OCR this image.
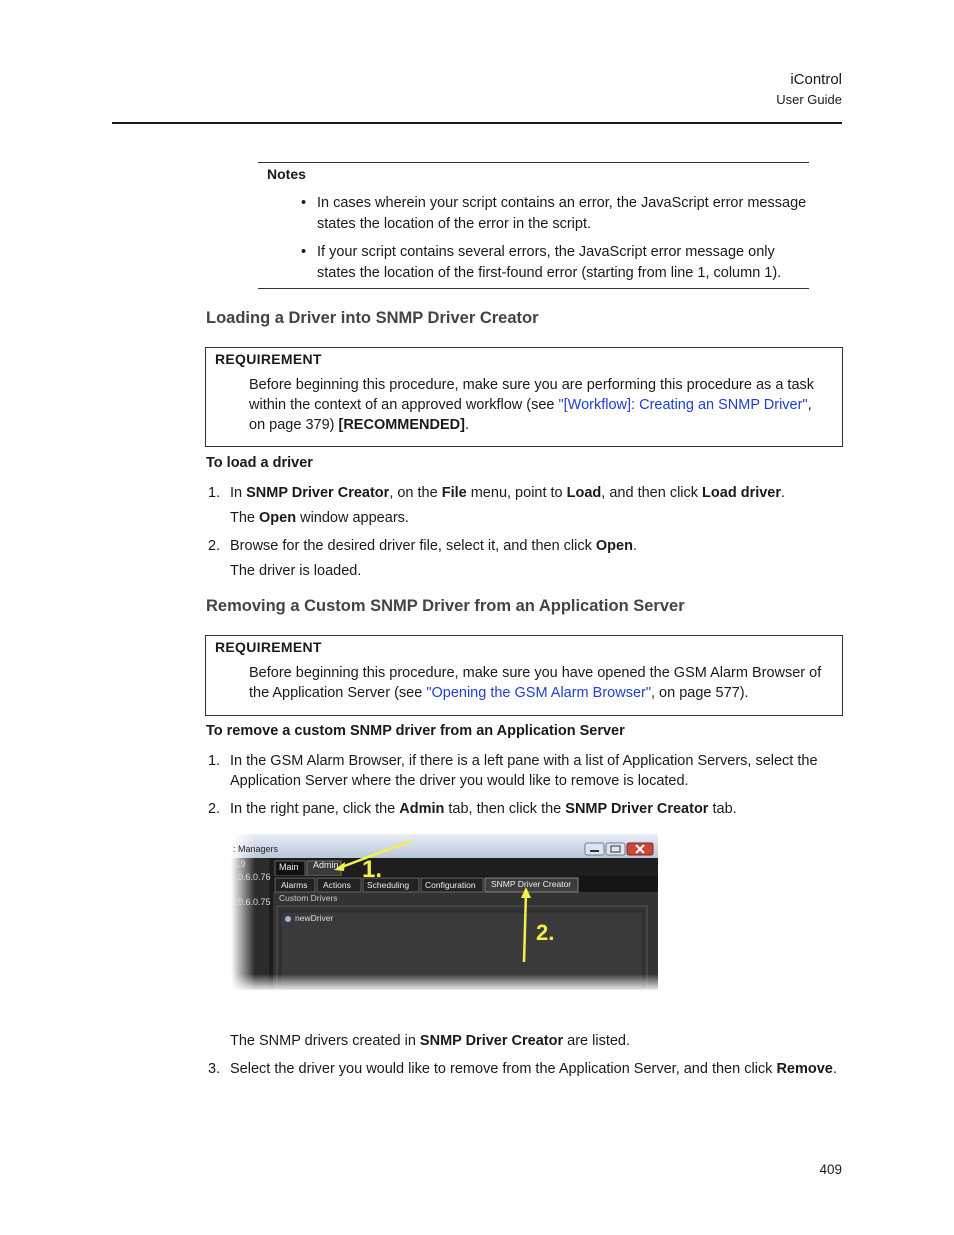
iControl
User Guide
Notes
• In cases wherein your script contains an error, the JavaScript error message states the location of the error in the script.
• If your script contains several errors, the JavaScript error message only states the location of the first-found error (starting from line 1, column 1).
Loading a Driver into SNMP Driver Creator
REQUIREMENT
Before beginning this procedure, make sure you are performing this procedure as a task within the context of an approved workflow (see "[Workflow]: Creating an SNMP Driver", on page 379) [RECOMMENDED].
To load a driver
1. In SNMP Driver Creator, on the File menu, point to Load, and then click Load driver.
The Open window appears.
2. Browse for the desired driver file, select it, and then click Open.
The driver is loaded.
Removing a Custom SNMP Driver from an Application Server
REQUIREMENT
Before beginning this procedure, make sure you have opened the GSM Alarm Browser of the Application Server (see "Opening the GSM Alarm Browser", on page 577).
To remove a custom SNMP driver from an Application Server
1. In the GSM Alarm Browser, if there is a left pane with a list of Application Servers, select the Application Server where the driver you would like to remove is located.
2. In the right pane, click the Admin tab, then click the SNMP Driver Creator tab.
: Managers
5.9
10.6.0.76
10.6.0.75
Main Admin
Alarms Actions Scheduling Configuration SNMP Driver Creator
Custom Drivers
newDriver
1.
2.
The SNMP drivers created in SNMP Driver Creator are listed.
3. Select the driver you would like to remove from the Application Server, and then click Remove.
409
